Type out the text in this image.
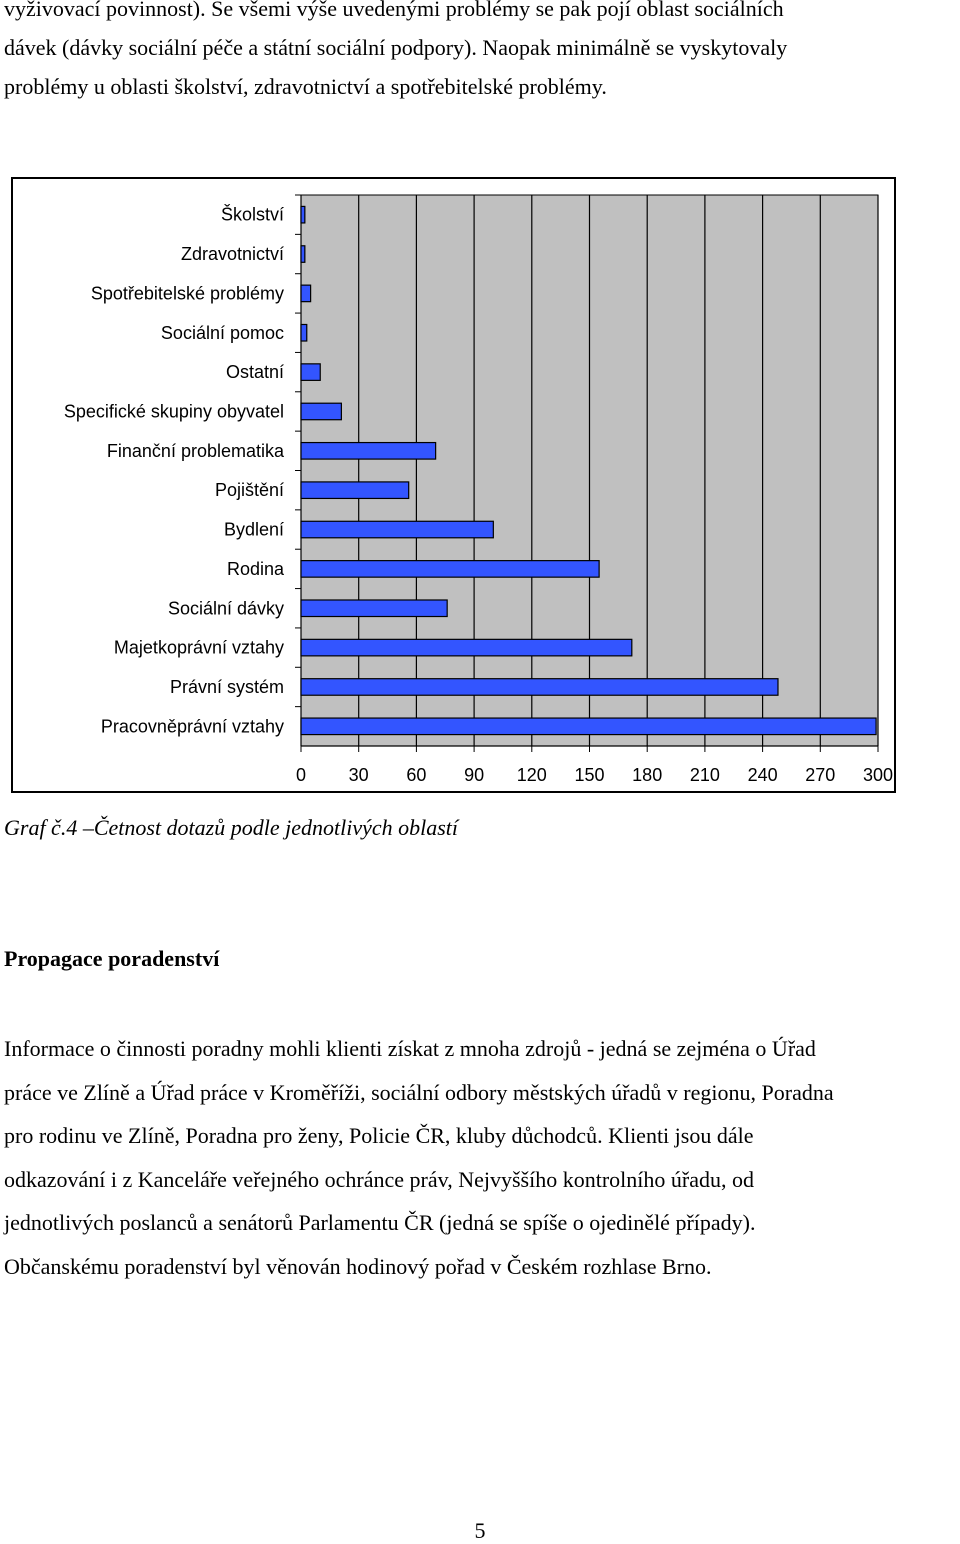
vyživovací povinnost). Se všemi výše uvedenými problémy se pak pojí oblast sociálních
dávek (dávky sociální péče a státní sociální podpory). Naopak minimálně se vyskytovaly
problémy u oblasti školství, zdravotnictví a spotřebitelské problémy.
Školství
Zdravotnictví
Spotřebitelské problémy
Sociální pomoc
Ostatní
Specifické skupiny obyvatel
Finanční problematika
Pojištění
Bydlení
Rodina
Sociální dávky
Majetkoprávní vztahy
Právní systém
Pracovněprávní vztahy
0 30 60 90 120 150 180 210 240 270 300
Graf č.4 –Četnost dotazů podle jednotlivých oblastí
Propagace poradenství
Informace o činnosti poradny mohli klienti získat z mnoha zdrojů - jedná se zejména o Úřad
práce ve Zlíně a Úřad práce v Kroměříži, sociální odbory městských úřadů v regionu, Poradna
pro rodinu ve Zlíně, Poradna pro ženy, Policie ČR, kluby důchodců. Klienti jsou dále
odkazování i z Kanceláře veřejného ochránce práv, Nejvyššího kontrolního úřadu, od
jednotlivých poslanců a senátorů Parlamentu ČR (jedná se spíše o ojedinělé případy).
Občanskému poradenství byl věnován hodinový pořad v Českém rozhlase Brno.
5
